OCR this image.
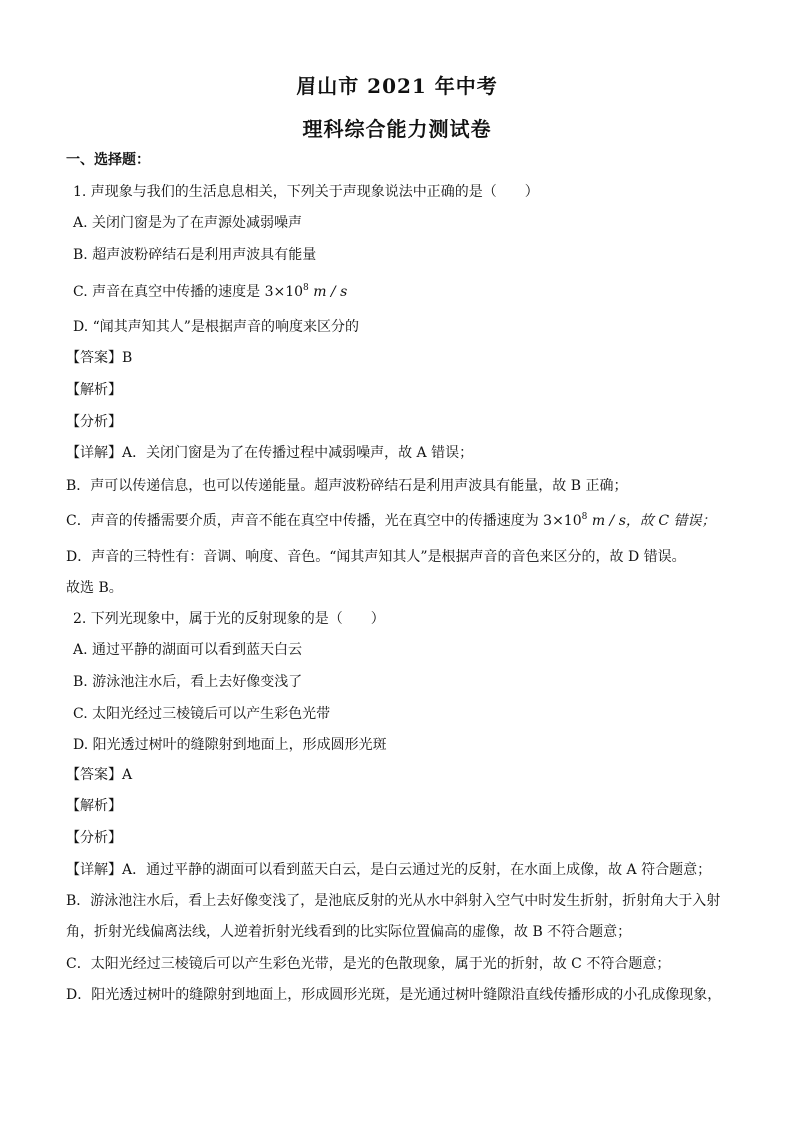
眉山市 2021 年中考
理科综合能力测试卷
一、选择题：
1. 声现象与我们的生活息息相关，下列关于声现象说法中正确的是（　　）
A. 关闭门窗是为了在声源处减弱噪声
B. 超声波粉碎结石是利用声波具有能量
C. 声音在真空中传播的速度是 $3\times 10^8$ m / s
D. “闻其声知其人”是根据声音的响度来区分的
【答案】B
【解析】
【分析】
【详解】A．关闭门窗是为了在传播过程中减弱噪声，故 A 错误；
B．声可以传递信息，也可以传递能量。超声波粉碎结石是利用声波具有能量，故 B 正确；
C．声音的传播需要介质，声音不能在真空中传播，光在真空中的传播速度为 $3\times 10^8$ m / s，故 C 错误；
D．声音的三特性有：音调、响度、音色。“闻其声知其人”是根据声音的音色来区分的，故 D 错误。
故选 B。
2. 下列光现象中，属于光的反射现象的是（　　）
A. 通过平静的湖面可以看到蓝天白云
B. 游泳池注水后，看上去好像变浅了
C. 太阳光经过三棱镜后可以产生彩色光带
D. 阳光透过树叶的缝隙射到地面上，形成圆形光斑
【答案】A
【解析】
【分析】
【详解】A．通过平静的湖面可以看到蓝天白云，是白云通过光的反射，在水面上成像，故 A 符合题意；
B．游泳池注水后，看上去好像变浅了，是池底反射的光从水中斜射入空气中时发生折射，折射角大于入射
角，折射光线偏离法线，人逆着折射光线看到的比实际位置偏高的虚像，故 B 不符合题意；
C．太阳光经过三棱镜后可以产生彩色光带，是光的色散现象，属于光的折射，故 C 不符合题意；
D．阳光透过树叶的缝隙射到地面上，形成圆形光斑，是光通过树叶缝隙沿直线传播形成的小孔成像现象，
